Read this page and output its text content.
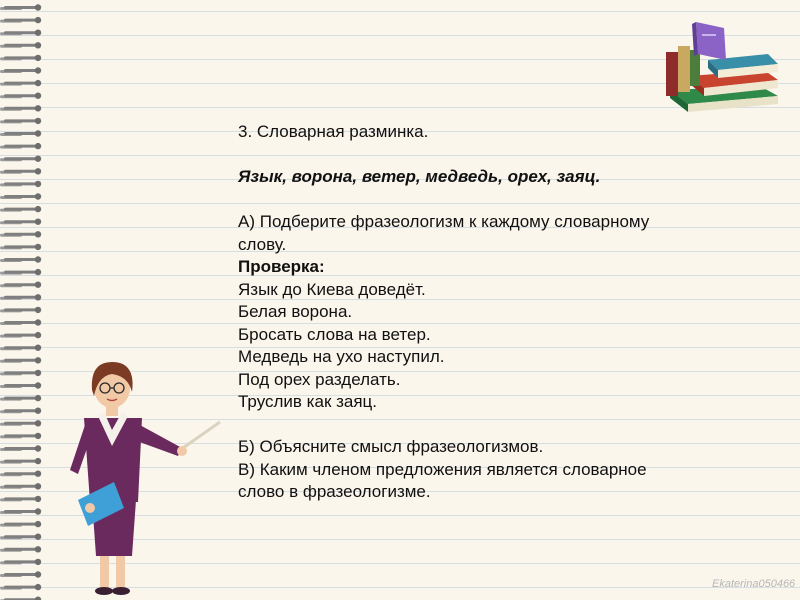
3. Словарная разминка.

Язык, ворона, ветер, медведь, орех, заяц.

А) Подберите фразеологизм к каждому словарному

слову.

Проверка:

Язык до Киева доведёт.

Белая ворона.

Бросать слова на ветер.

Медведь на ухо наступил.

Под орех разделать.

Труслив как заяц.

Б) Объясните смысл фразеологизмов.

В) Каким членом предложения является словарное

слово в фразеологизме.

Ekaterina050466
